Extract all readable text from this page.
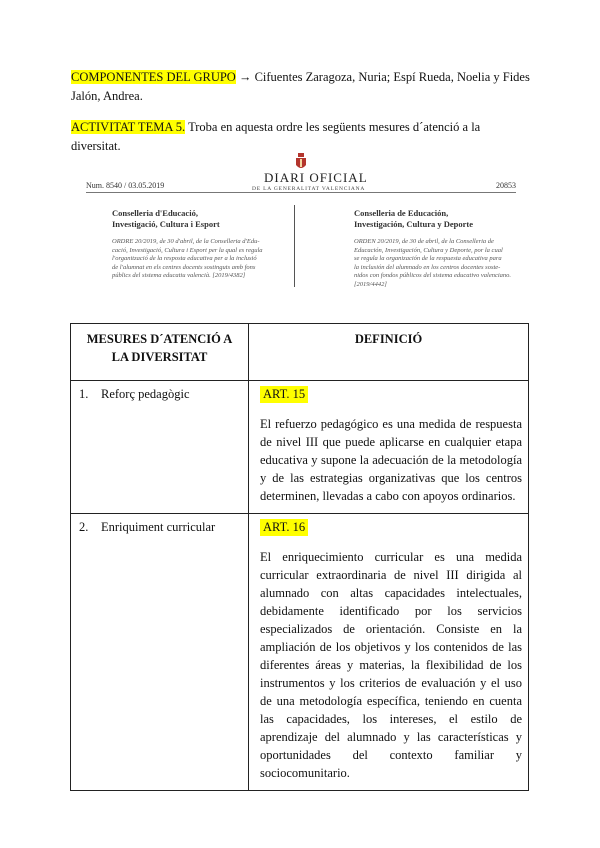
COMPONENTES DEL GRUPO → Cifuentes Zaragoza, Nuria; Espí Rueda, Noelia y Fides Jalón, Andrea.
ACTIVITAT TEMA 5. Troba en aquesta ordre les següents mesures d´atenció a la diversitat.
DIARI OFICIAL
DE LA GENERALITAT VALENCIANA
Num. 8540 / 03.05.2019	20853
Conselleria d'Educació,
Investigació, Cultura i Esport
ORDRE 20/2019, de 30 d'abril, de la Conselleria d'Edu-
cació, Investigació, Cultura i Esport per la qual es regula
l'organització de la resposta educativa per a la inclusió
de l'alumnat en els centres docents sostinguts amb fons
públics del sistema educatiu valencià. [2019/4382]
Conselleria de Educación,
Investigación, Cultura y Deporte
ORDEN 20/2019, de 30 de abril, de la Conselleria de
Educación, Investigación, Cultura y Deporte, por la cual
se regula la organización de la respuesta educativa para
la inclusión del alumnado en los centros docentes soste-
nidos con fondos públicos del sistema educativo valenciano.
[2019/4442]
MESURES D´ATENCIÓ A LA DIVERSITAT	DEFINICIÓ
1. Reforç pedagògic	ART. 15
El refuerzo pedagógico es una medida de respuesta de nivel III que puede aplicarse en cualquier etapa educativa y supone la adecuación de la metodología y de las estrategias organizativas que los centros determinen, llevadas a cabo con apoyos ordinarios.

2. Enriquiment curricular	ART. 16
El enriquecimiento curricular es una medida curricular extraordinaria de nivel III dirigida al alumnado con altas capacidades intelectuales, debidamente identificado por los servicios especializados de orientación. Consiste en la ampliación de los objetivos y los contenidos de las diferentes áreas y materias, la flexibilidad de los instrumentos y los criterios de evaluación y el uso de una metodología específica, teniendo en cuenta las capacidades, los intereses, el estilo de aprendizaje del alumnado y las características y oportunidades del contexto familiar y sociocomunitario.
